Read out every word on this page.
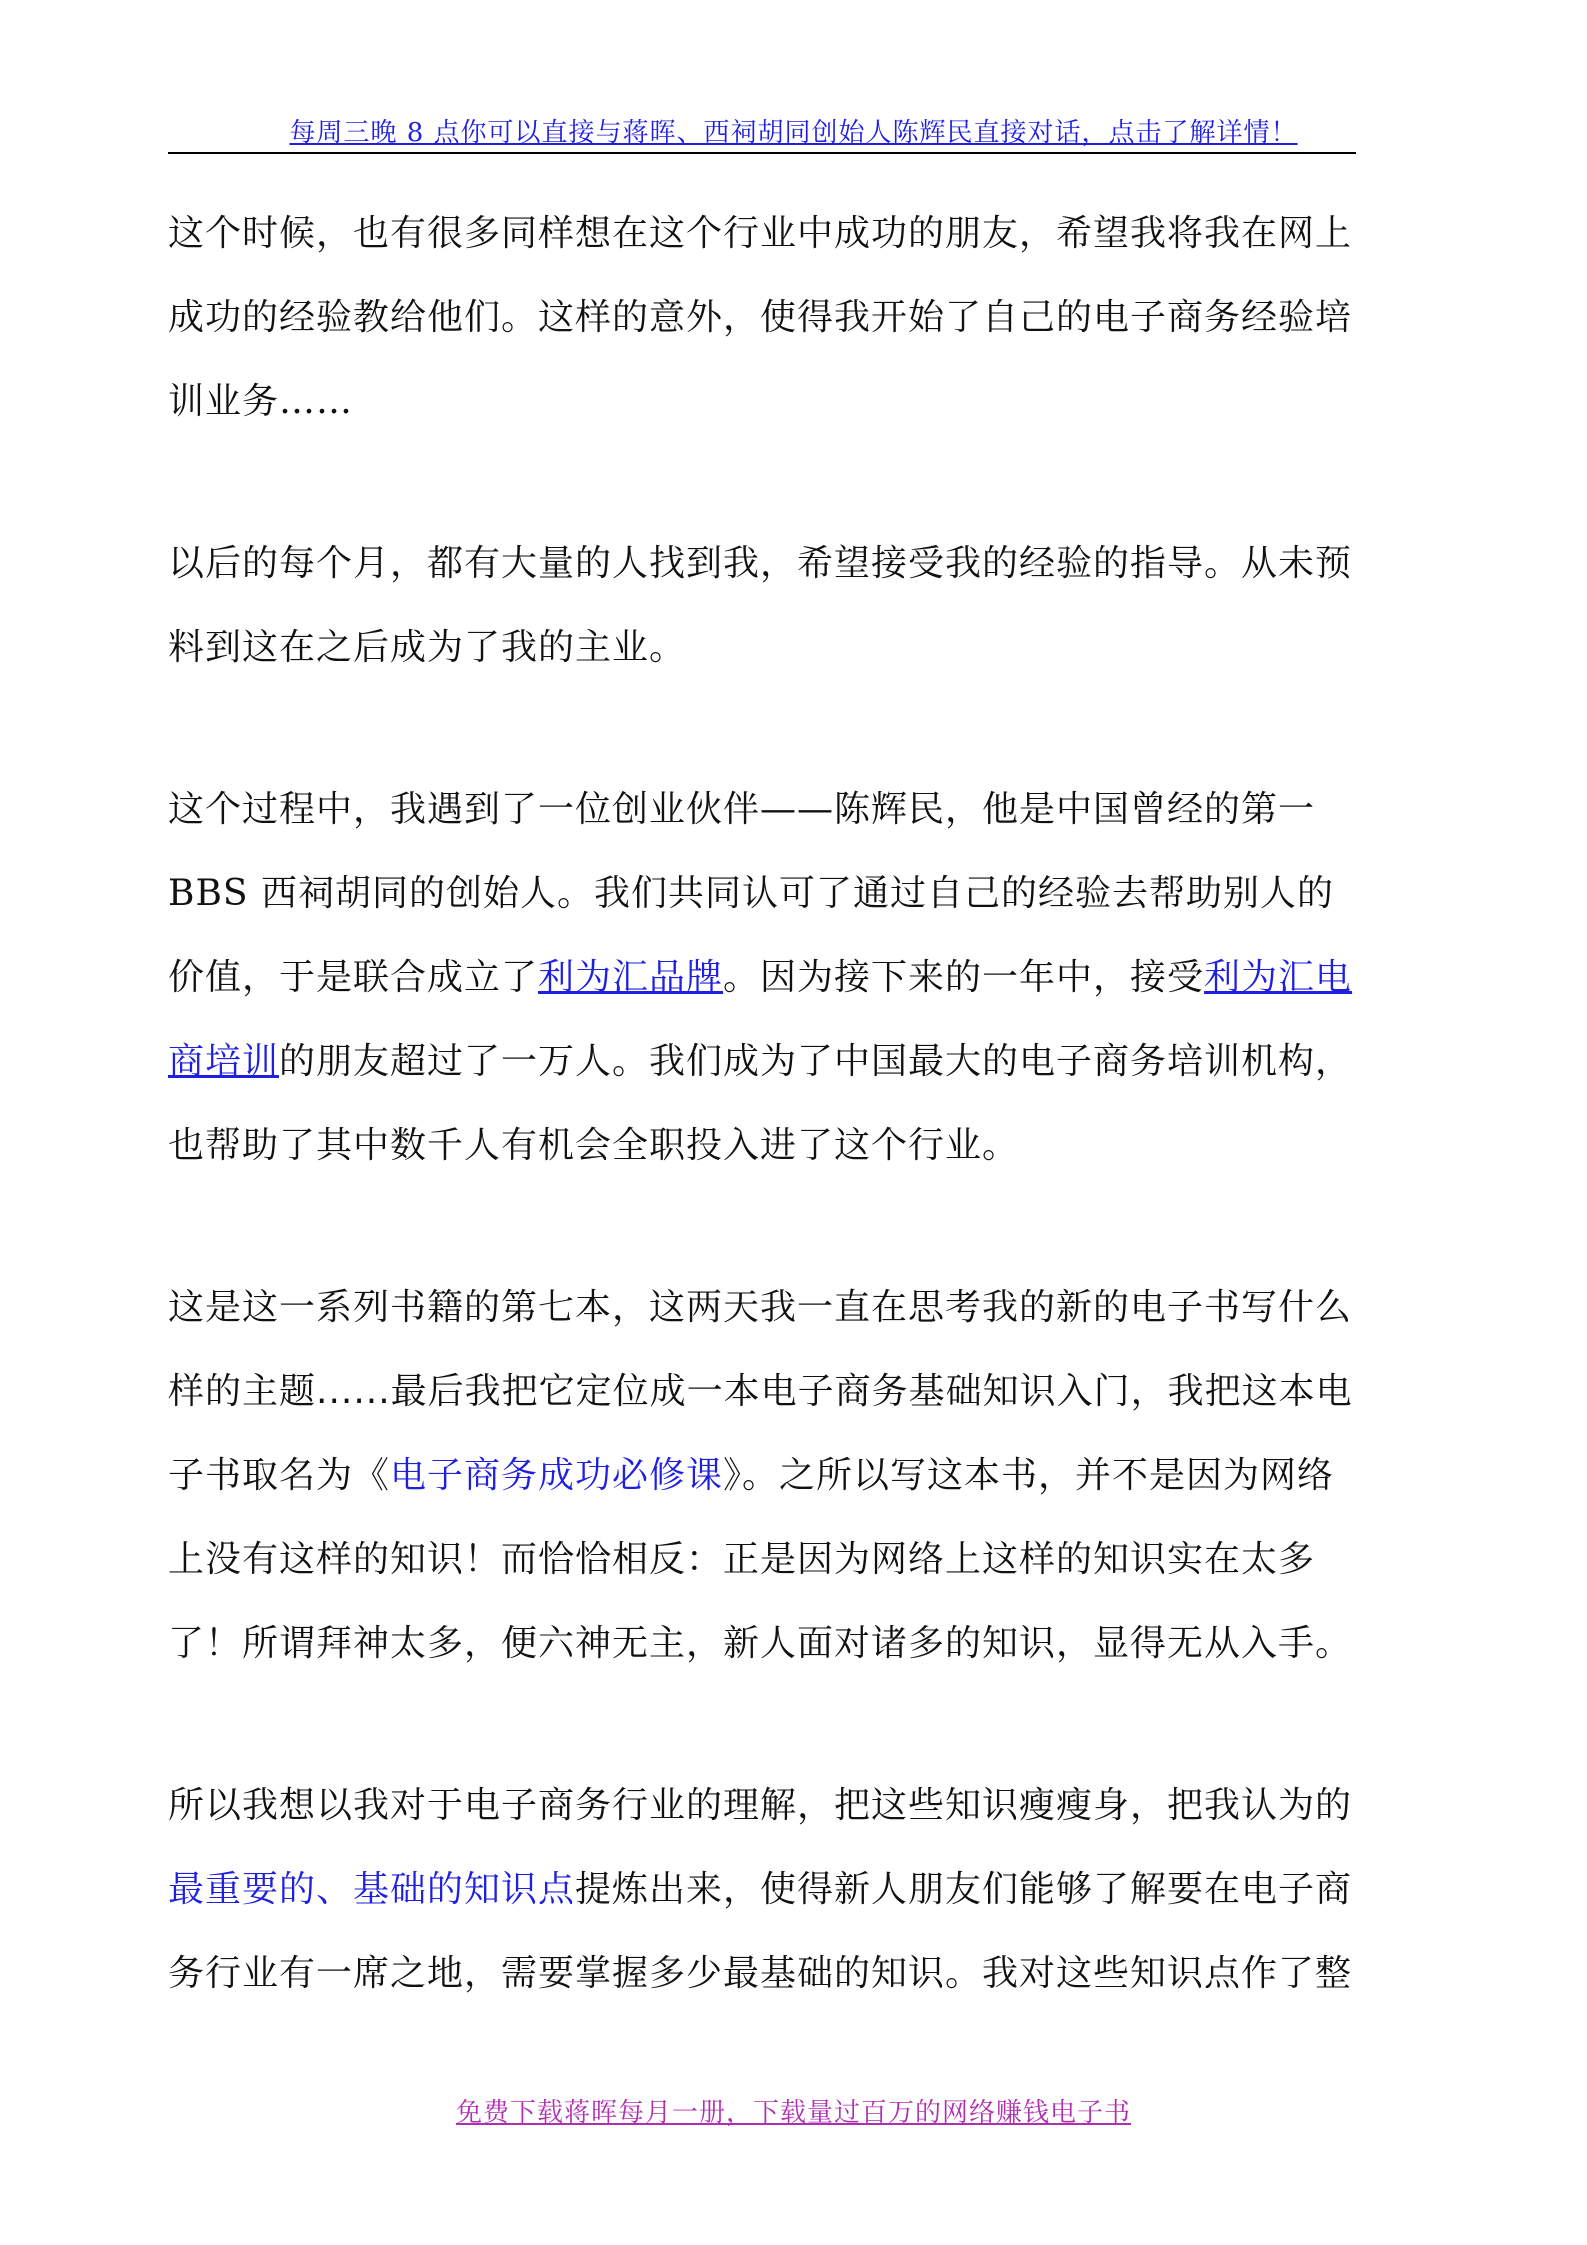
每周三晚 8 点你可以直接与蒋晖、西祠胡同创始人陈辉民直接对话，点击了解详情！

这个时候，也有很多同样想在这个行业中成功的朋友，希望我将我在网上成功的经验教给他们。这样的意外，使得我开始了自己的电子商务经验培训业务……

以后的每个月，都有大量的人找到我，希望接受我的经验的指导。从未预料到这在之后成为了我的主业。

这个过程中，我遇到了一位创业伙伴——陈辉民，他是中国曾经的第一BBS 西祠胡同的创始人。我们共同认可了通过自己的经验去帮助别人的价值，于是联合成立了利为汇品牌。因为接下来的一年中，接受利为汇电商培训的朋友超过了一万人。我们成为了中国最大的电子商务培训机构，也帮助了其中数千人有机会全职投入进了这个行业。

这是这一系列书籍的第七本，这两天我一直在思考我的新的电子书写什么样的主题......最后我把它定位成一本电子商务基础知识入门，我把这本电子书取名为《电子商务成功必修课》。之所以写这本书，并不是因为网络上没有这样的知识！而恰恰相反：正是因为网络上这样的知识实在太多了！所谓拜神太多，便六神无主，新人面对诸多的知识，显得无从入手。

所以我想以我对于电子商务行业的理解，把这些知识瘦瘦身，把我认为的最重要的、基础的知识点提炼出来，使得新人朋友们能够了解要在电子商务行业有一席之地，需要掌握多少最基础的知识。我对这些知识点作了整

免费下载蒋晖每月一册，下载量过百万的网络赚钱电子书
